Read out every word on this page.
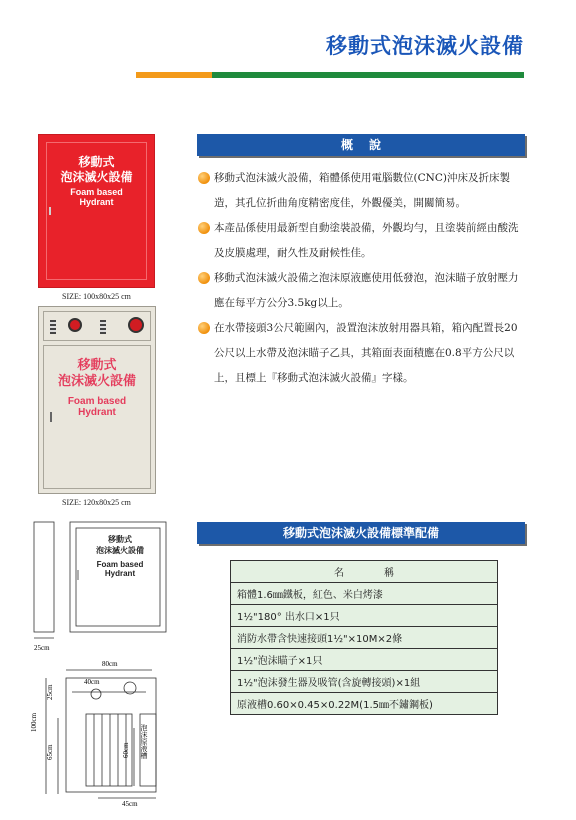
移動式泡沫滅火設備
移動式
泡沫滅火設備
Foam based
Hydrant
SIZE: 100x80x25 cm
移動式
泡沫滅火設備
Foam based
Hydrant
SIZE: 120x80x25 cm
概說
移動式泡沫滅火設備，箱體係使用電腦數位(CNC)沖床及折床製造，其孔位折曲角度精密度佳，外觀優美，開關簡易。
本產品係使用最新型自動塗裝設備，外觀均勻，且塗裝前經由酸洗及皮膜處理，耐久性及耐候性佳。
移動式泡沫滅火設備之泡沫原液應使用低發泡，泡沫瞄子放射壓力應在每平方公分3.5kg以上。
在水帶接頭3公尺範圍內，設置泡沫放射用器具箱，箱內配置長20公尺以上水帶及泡沫瞄子乙具，其箱面表面積應在0.8平方公尺以上，且標上『移動式泡沫滅火設備』字樣。
移動式泡沫滅火設備標準配備
名稱
箱體1.6㎜鐵板，紅色、米白烤漆
1½"180° 出水口×1只
消防水帶含快速接頭1½"×10M×2條
1½"泡沫瞄子×1只
1½"泡沫發生器及吸管(含旋轉接頭)×1組
原液槽0.60×0.45×0.22M(1.5㎜不鏽鋼板)
25cm
80cm
40cm
25cm
100cm
65cm	60cm
45cm
泡沫原液槽
移動式
泡沫滅火設備
Foam based
Hydrant
